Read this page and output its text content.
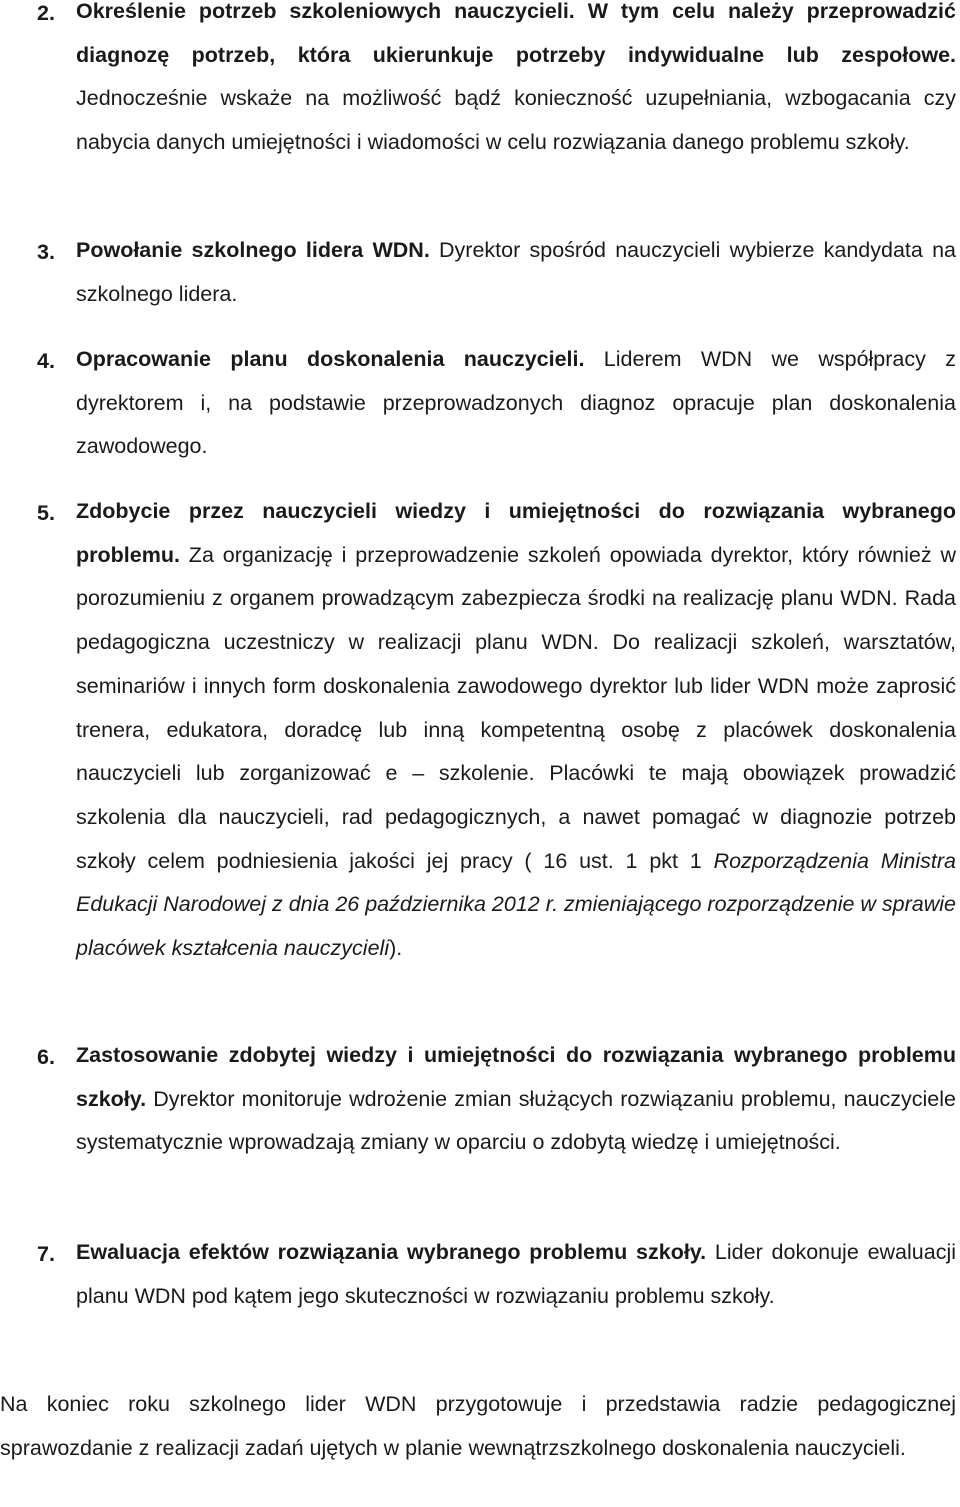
2. Określenie potrzeb szkoleniowych nauczycieli. W tym celu należy przeprowadzić diagnozę potrzeb, która ukierunkuje potrzeby indywidualne lub zespołowe. Jednocześnie wskaże na możliwość bądź konieczność uzupełniania, wzbogacania czy nabycia danych umiejętności i wiadomości w celu rozwiązania danego problemu szkoły.

3. Powołanie szkolnego lidera WDN. Dyrektor spośród nauczycieli wybierze kandydata na szkolnego lidera.

4. Opracowanie planu doskonalenia nauczycieli. Liderem WDN we współpracy z dyrektorem i, na podstawie przeprowadzonych diagnoz opracuje plan doskonalenia zawodowego.

5. Zdobycie przez nauczycieli wiedzy i umiejętności do rozwiązania wybranego problemu. Za organizację i przeprowadzenie szkoleń opowiada dyrektor, który również w porozumieniu z organem prowadzącym zabezpiecza środki na realizację planu WDN. Rada pedagogiczna uczestniczy w realizacji planu WDN. Do realizacji szkoleń, warsztatów, seminariów i innych form doskonalenia zawodowego dyrektor lub lider WDN może zaprosić trenera, edukatora, doradcę lub inną kompetentną osobę z placówek doskonalenia nauczycieli lub zorganizować e – szkolenie. Placówki te mają obowiązek prowadzić szkolenia dla nauczycieli, rad pedagogicznych, a nawet pomagać w diagnozie potrzeb szkoły celem podniesienia jakości jej pracy ( 16 ust. 1 pkt 1 Rozporządzenia Ministra Edukacji Narodowej z dnia 26 października 2012 r. zmieniającego rozporządzenie w sprawie placówek kształcenia nauczycieli).

6. Zastosowanie zdobytej wiedzy i umiejętności do rozwiązania wybranego problemu szkoły. Dyrektor monitoruje wdrożenie zmian służących rozwiązaniu problemu, nauczyciele systematycznie wprowadzają zmiany w oparciu o zdobytą wiedzę i umiejętności.

7. Ewaluacja efektów rozwiązania wybranego problemu szkoły. Lider dokonuje ewaluacji planu WDN pod kątem jego skuteczności w rozwiązaniu problemu szkoły.

Na koniec roku szkolnego lider WDN przygotowuje i przedstawia radzie pedagogicznej sprawozdanie z realizacji zadań ujętych w planie wewnątrzszkolnego doskonalenia nauczycieli.
